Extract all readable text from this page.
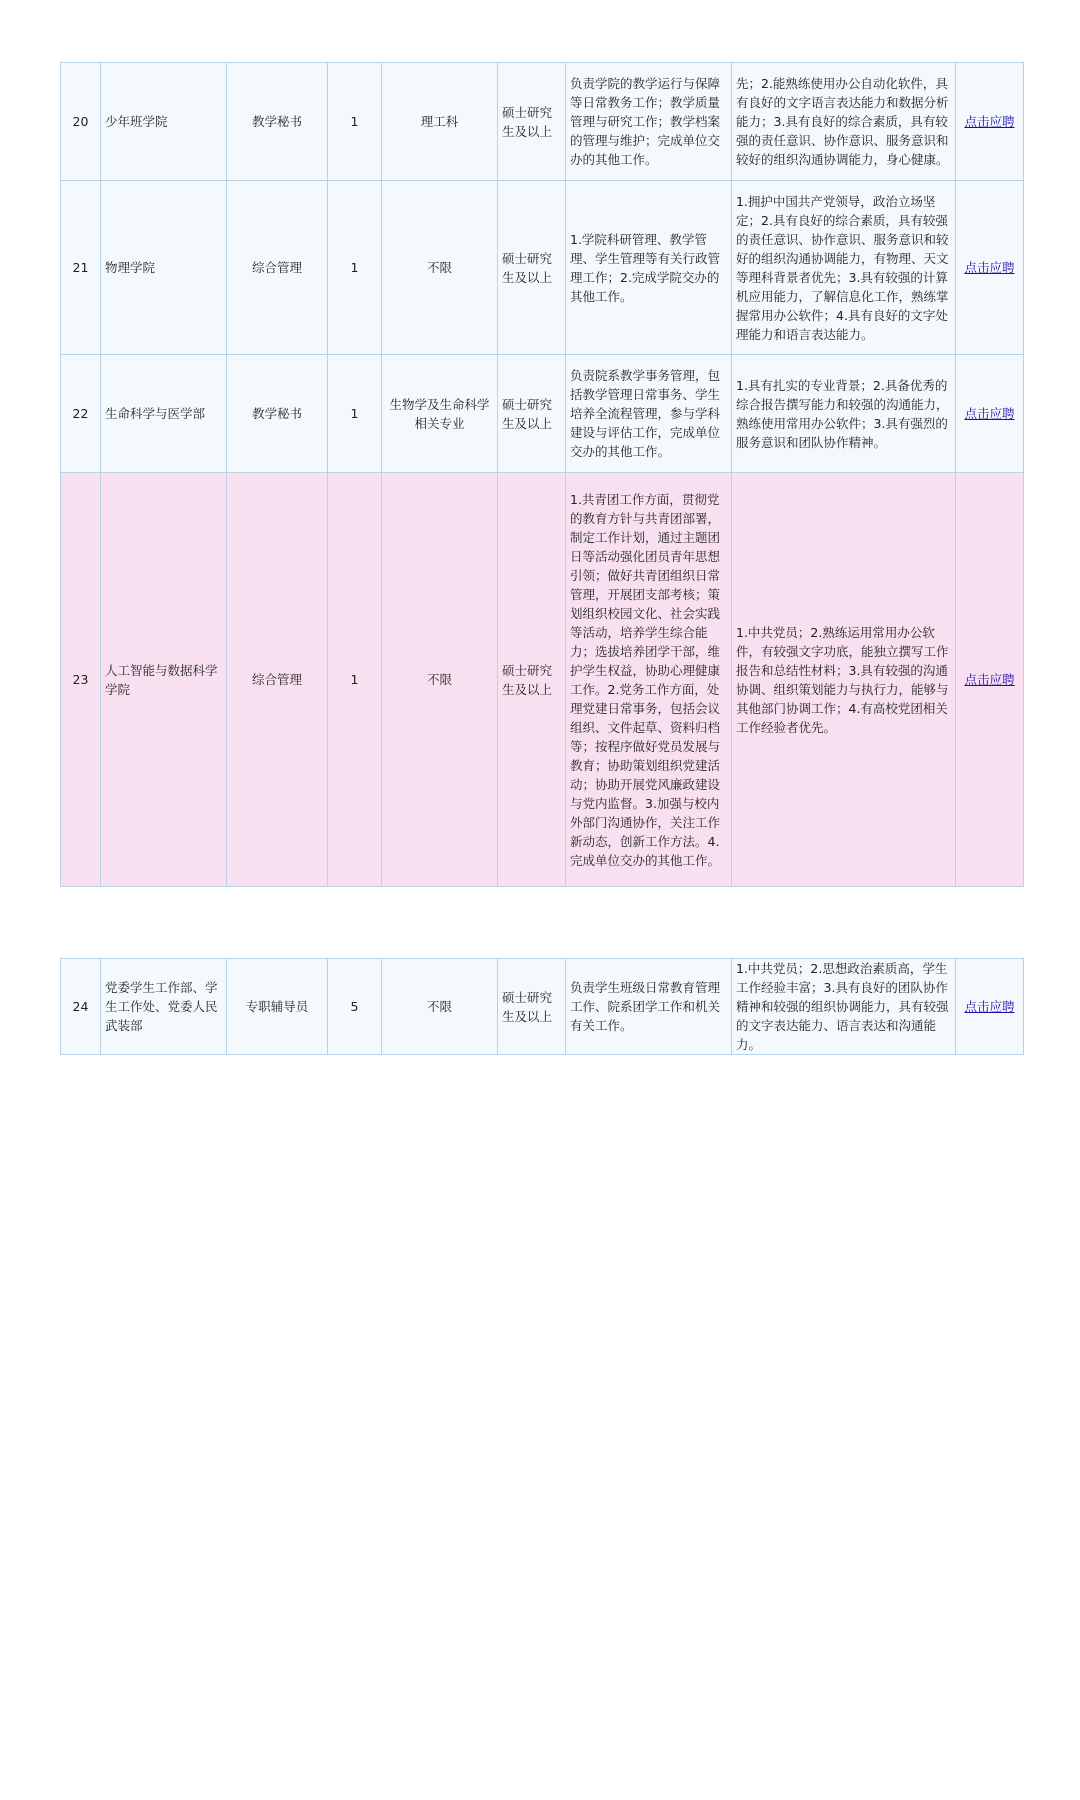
20	少年班学院	教学秘书	1	理工科	硕士研究生及以上	负责学院的教学运行与保障等日常教务工作；教学质量管理与研究工作；教学档案的管理与维护；完成单位交办的其他工作。	先；2.能熟练使用办公自动化软件，具有良好的文字语言表达能力和数据分析能力；3.具有良好的综合素质，具有较强的责任意识、协作意识、服务意识和较好的组织沟通协调能力，身心健康。	点击应聘
21	物理学院	综合管理	1	不限	硕士研究生及以上	1.学院科研管理、教学管理、学生管理等有关行政管理工作；2.完成学院交办的其他工作。	1.拥护中国共产党领导，政治立场坚定；2.具有良好的综合素质，具有较强的责任意识、协作意识、服务意识和较好的组织沟通协调能力，有物理、天文等理科背景者优先；3.具有较强的计算机应用能力，了解信息化工作，熟练掌握常用办公软件；4.具有良好的文字处理能力和语言表达能力。	点击应聘
22	生命科学与医学部	教学秘书	1	生物学及生命科学相关专业	硕士研究生及以上	负责院系教学事务管理，包括教学管理日常事务、学生培养全流程管理，参与学科建设与评估工作，完成单位交办的其他工作。	1.具有扎实的专业背景；2.具备优秀的综合报告撰写能力和较强的沟通能力，熟练使用常用办公软件；3.具有强烈的服务意识和团队协作精神。	点击应聘
23	人工智能与数据科学学院	综合管理	1	不限	硕士研究生及以上	1.共青团工作方面，贯彻党的教育方针与共青团部署，制定工作计划，通过主题团日等活动强化团员青年思想引领；做好共青团组织日常管理，开展团支部考核；策划组织校园文化、社会实践等活动，培养学生综合能力；选拔培养团学干部，维护学生权益，协助心理健康工作。2.党务工作方面，处理党建日常事务，包括会议组织、文件起草、资料归档等；按程序做好党员发展与教育；协助策划组织党建活动；协助开展党风廉政建设与党内监督。3.加强与校内外部门沟通协作，关注工作新动态，创新工作方法。4.完成单位交办的其他工作。	1.中共党员；2.熟练运用常用办公软件，有较强文字功底，能独立撰写工作报告和总结性材料；3.具有较强的沟通协调、组织策划能力与执行力，能够与其他部门协调工作；4.有高校党团相关工作经验者优先。	点击应聘
24	党委学生工作部、学生工作处、党委人民武装部	专职辅导员	5	不限	硕士研究生及以上	负责学生班级日常教育管理工作、院系团学工作和机关有关工作。	1.中共党员；2.思想政治素质高，学生工作经验丰富；3.具有良好的团队协作精神和较强的组织协调能力，具有较强的文字表达能力、语言表达和沟通能力。	点击应聘
